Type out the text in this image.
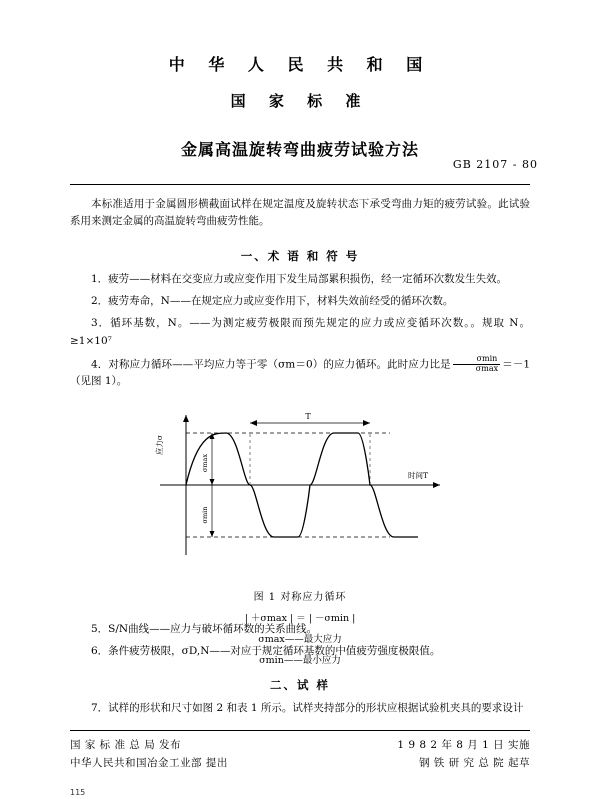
中 华 人 民 共 和 国
国 家 标 准
GB 2107 - 80
金属高温旋转弯曲疲劳试验方法
本标准适用于金属圆形横截面试样在规定温度及旋转状态下承受弯曲力矩的疲劳试验。此试验系用来测定金属的高温旋转弯曲疲劳性能。
一、术 语 和 符 号
1．疲劳——材料在交变应力或应变作用下发生局部累积损伤，经一定循环次数发生失效。
2．疲劳寿命，N——在规定应力或应变作用下，材料失效前经受的循环次数。
3．循环基数，N。——为测定疲劳极限而预先规定的应力或应变循环次数。。规取 N。≥1×10⁷
4．对称应力循环——平均应力等于零（σm＝0）的应力循环。此时应力比是 $\frac{\sigma\min}{\sigma\max} =-1$（见图 1）。
T
σmax
σmin
应力σ
时间T
图 1 对称应力循环
| ＋σmax | ＝ | －σmin |
σmax——最大应力
σmin——最小应力
5．S/N曲线——应力与破坏循环数的关系曲线。
6．条件疲劳极限，σD,N——对应于规定循环基数的中值疲劳强度极限值。
二、试 样
7．试样的形状和尺寸如图 2 和表 1 所示。试样夹持部分的形状应根据试验机夹具的要求设计
国 家 标 准 总 局 发布	1 9 8 2 年 8 月 1 日 实施
中华人民共和国冶金工业部 提出	钢 铁 研 究 总 院 起草
115
